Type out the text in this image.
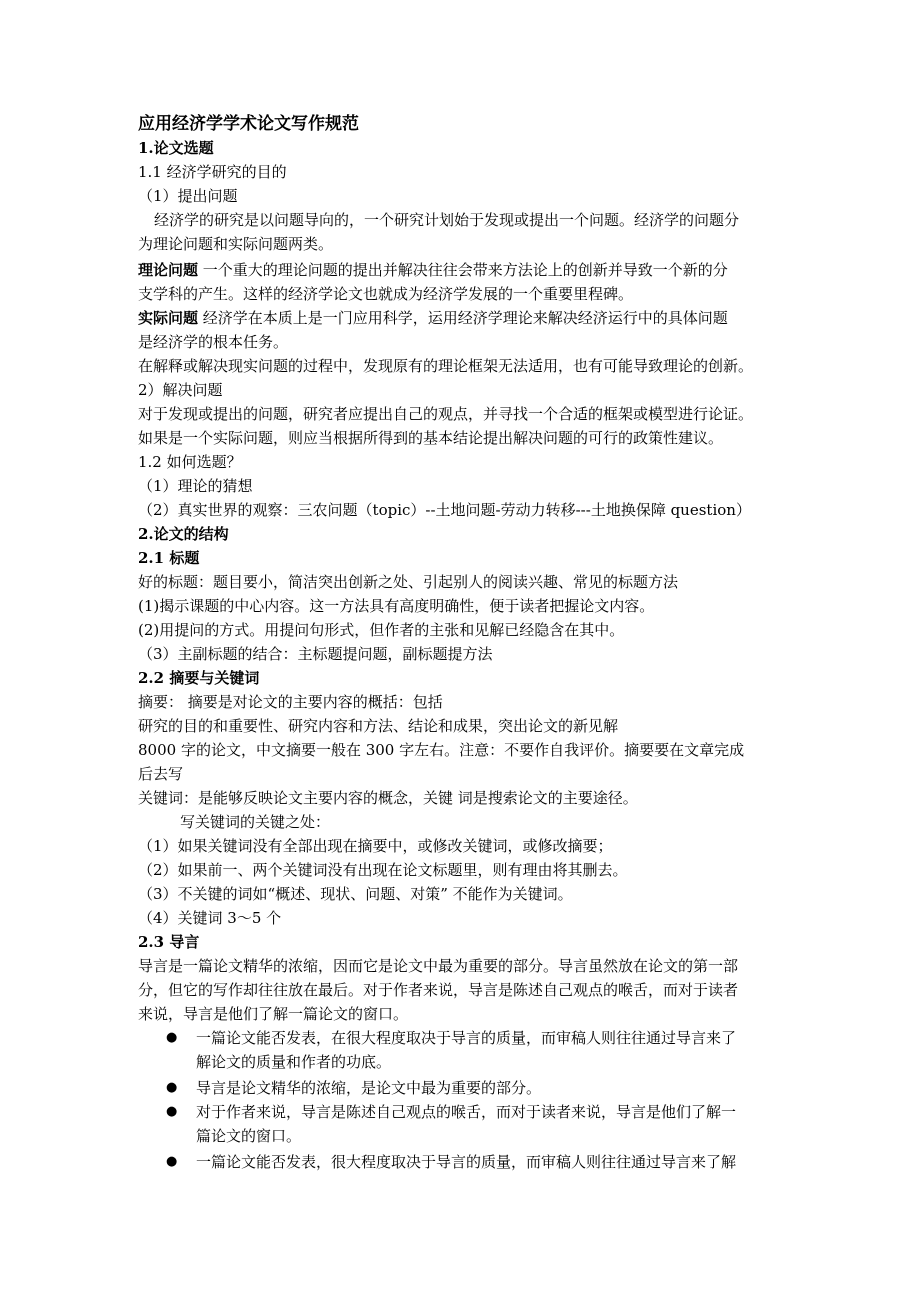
应用经济学学术论文写作规范
1.论文选题
1.1 经济学研究的目的
（1）提出问题
经济学的研究是以问题导向的，一个研究计划始于发现或提出一个问题。经济学的问题分
为理论问题和实际问题两类。
理论问题 一个重大的理论问题的提出并解决往往会带来方法论上的创新并导致一个新的分
支学科的产生。这样的经济学论文也就成为经济学发展的一个重要里程碑。
实际问题 经济学在本质上是一门应用科学，运用经济学理论来解决经济运行中的具体问题
是经济学的根本任务。
在解释或解决现实问题的过程中，发现原有的理论框架无法适用，也有可能导致理论的创新。
2）解决问题
对于发现或提出的问题，研究者应提出自己的观点，并寻找一个合适的框架或模型进行论证。
如果是一个实际问题，则应当根据所得到的基本结论提出解决问题的可行的政策性建议。
1.2 如何选题？
（1）理论的猜想
（2）真实世界的观察：三农问题（topic）--土地问题-劳动力转移---土地换保障 question）
2.论文的结构
2.1 标题
好的标题：题目要小，简洁突出创新之处、引起别人的阅读兴趣、常见的标题方法
(1)揭示课题的中心内容。这一方法具有高度明确性，便于读者把握论文内容。
(2)用提问的方式。用提问句形式，但作者的主张和见解已经隐含在其中。
（3）主副标题的结合：主标题提问题，副标题提方法
2.2 摘要与关键词
摘要： 摘要是对论文的主要内容的概括：包括
研究的目的和重要性、研究内容和方法、结论和成果，突出论文的新见解
8000 字的论文，中文摘要一般在 300 字左右。注意：不要作自我评价。摘要要在文章完成
后去写
关键词：是能够反映论文主要内容的概念，关键 词是搜索论文的主要途径。
写关键词的关键之处：
（1）如果关键词没有全部出现在摘要中，或修改关键词，或修改摘要；
（2）如果前一、两个关键词没有出现在论文标题里，则有理由将其删去。
（3）不关键的词如“概述、现状、问题、对策” 不能作为关键词。
（4）关键词 3～5 个
2.3 导言
导言是一篇论文精华的浓缩，因而它是论文中最为重要的部分。导言虽然放在论文的第一部
分，但它的写作却往往放在最后。对于作者来说，导言是陈述自己观点的喉舌，而对于读者
来说，导言是他们了解一篇论文的窗口。
● 一篇论文能否发表，在很大程度取决于导言的质量，而审稿人则往往通过导言来了
解论文的质量和作者的功底。
● 导言是论文精华的浓缩，是论文中最为重要的部分。
● 对于作者来说，导言是陈述自己观点的喉舌，而对于读者来说，导言是他们了解一
篇论文的窗口。
● 一篇论文能否发表，很大程度取决于导言的质量，而审稿人则往往通过导言来了解
